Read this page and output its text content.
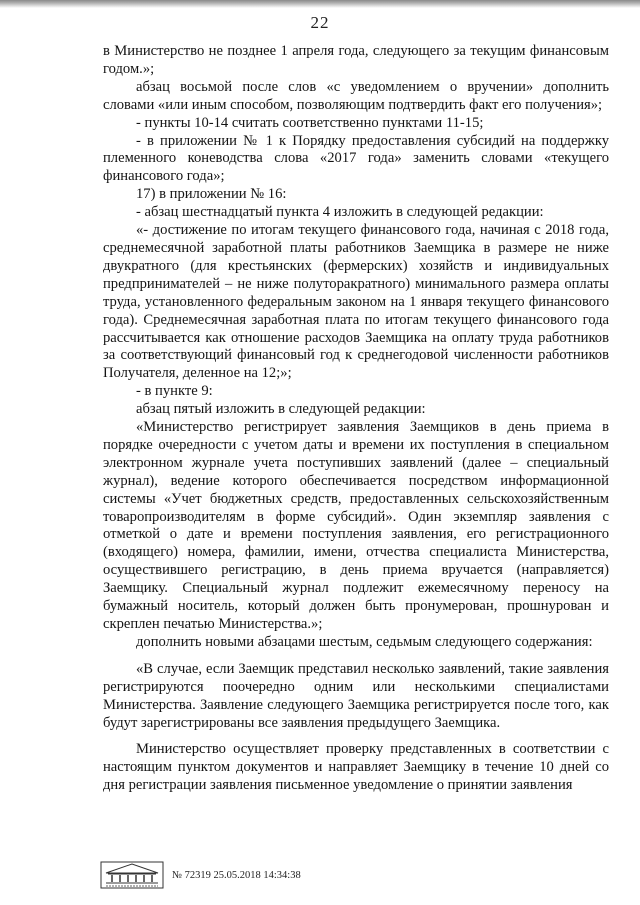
22

в Министерство не позднее 1 апреля года, следующего за текущим финансовым годом.»;

абзац восьмой после слов «с уведомлением о вручении» дополнить словами «или иным способом, позволяющим подтвердить факт его получения»;

- пункты 10-14 считать соответственно пунктами 11-15;

- в приложении № 1 к Порядку предоставления субсидий на поддержку племенного коневодства слова «2017 года» заменить словами «текущего финансового года»;

17) в приложении № 16:

- абзац шестнадцатый пункта 4 изложить в следующей редакции:

«- достижение по итогам текущего финансового года, начиная с 2018 года, среднемесячной заработной платы работников Заемщика в размере не ниже двукратного (для крестьянских (фермерских) хозяйств и индивидуальных предпринимателей – не ниже полуторакратного) минимального размера оплаты труда, установленного федеральным законом на 1 января текущего финансового года). Среднемесячная заработная плата по итогам текущего финансового года рассчитывается как отношение расходов Заемщика на оплату труда работников за соответствующий финансовый год к среднегодовой численности работников Получателя, деленное на 12;»;

- в пункте 9:

абзац пятый изложить в следующей редакции:

«Министерство регистрирует заявления Заемщиков в день приема в порядке очередности с учетом даты и времени их поступления в специальном электронном журнале учета поступивших заявлений (далее – специальный журнал), ведение которого обеспечивается посредством информационной системы «Учет бюджетных средств, предоставленных сельскохозяйственным товаропроизводителям в форме субсидий». Один экземпляр заявления с отметкой о дате и времени поступления заявления, его регистрационного (входящего) номера, фамилии, имени, отчества специалиста Министерства, осуществившего регистрацию, в день приема вручается (направляется) Заемщику. Специальный журнал подлежит ежемесячному переносу на бумажный носитель, который должен быть пронумерован, прошнурован и скреплен печатью Министерства.»;

дополнить новыми абзацами шестым, седьмым следующего содержания:

«В случае, если Заемщик представил несколько заявлений, такие заявления регистрируются поочередно одним или несколькими специалистами Министерства. Заявление следующего Заемщика регистрируется после того, как будут зарегистрированы все заявления предыдущего Заемщика.

Министерство осуществляет проверку представленных в соответствии с настоящим пунктом документов и направляет Заемщику в течение 10 дней со дня регистрации заявления письменное уведомление о принятии заявления

№ 72319 25.05.2018 14:34:38
